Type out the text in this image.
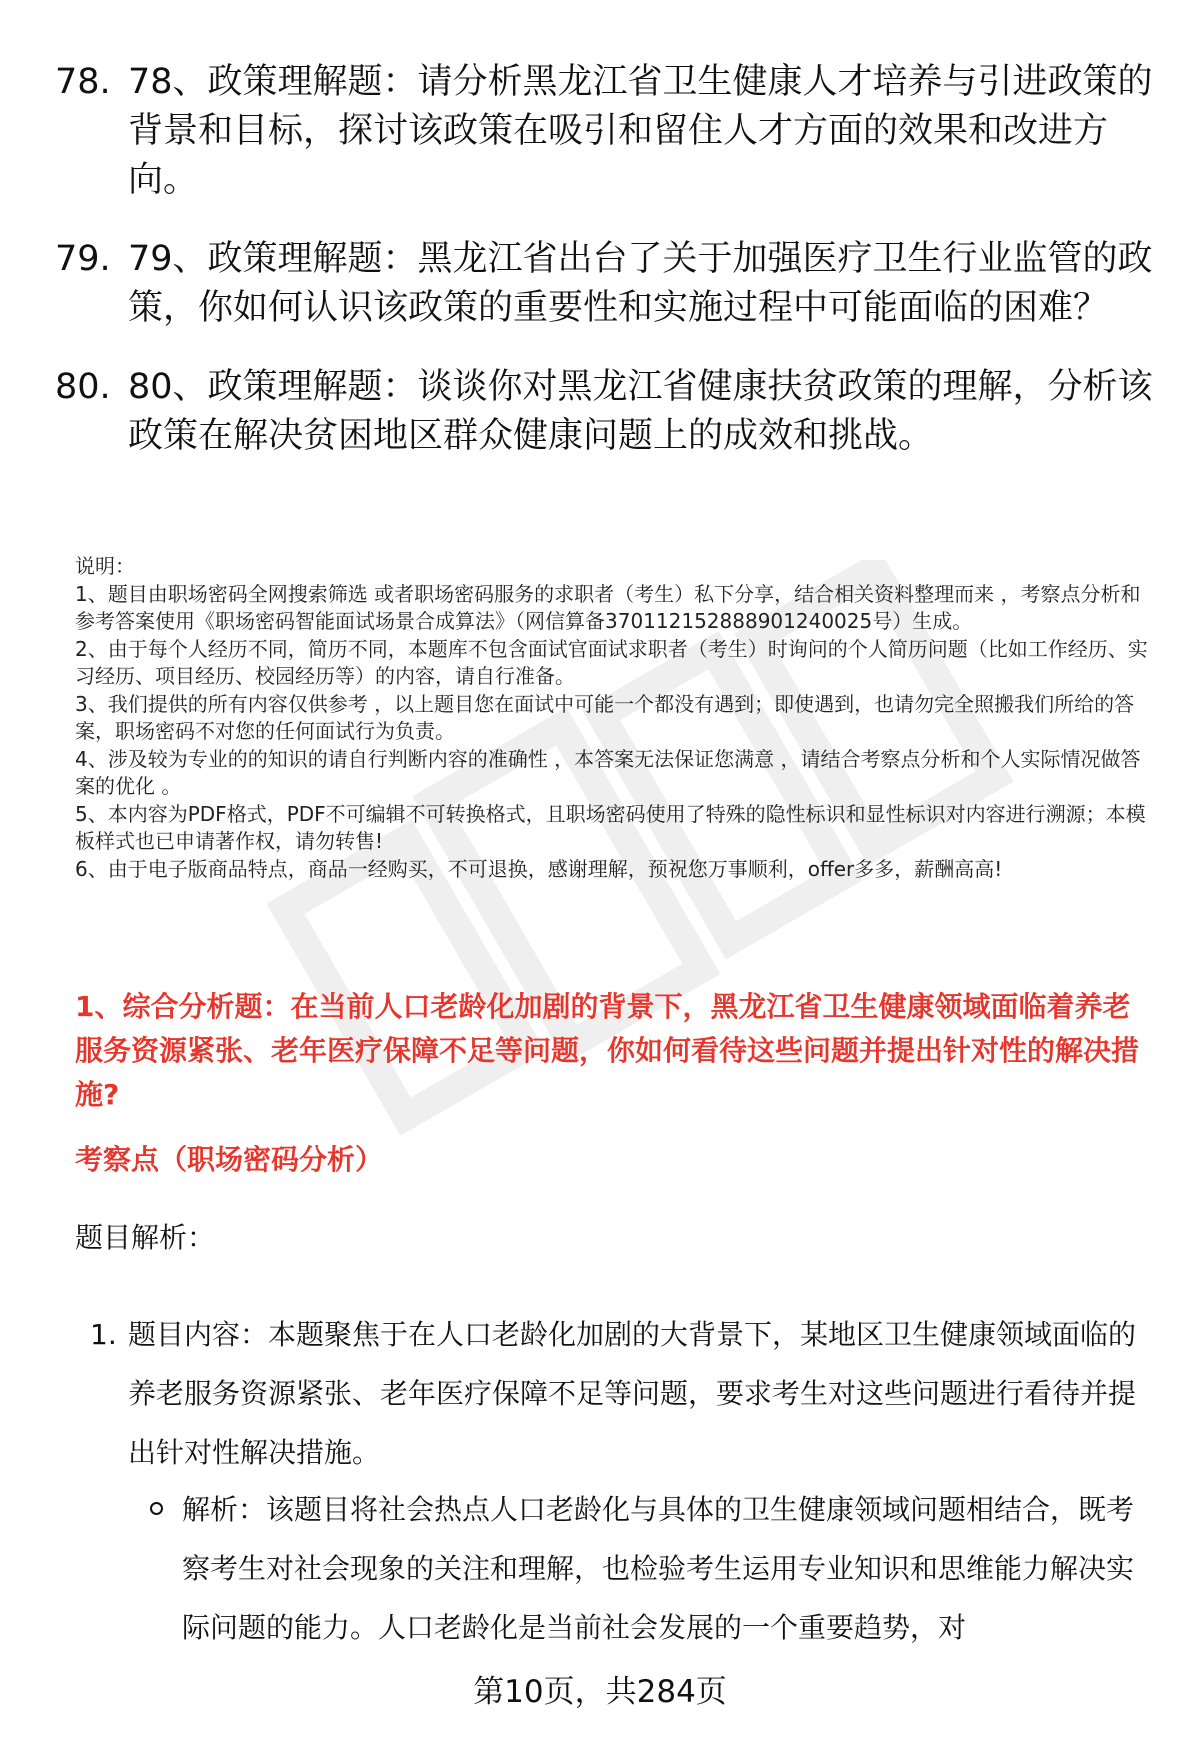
78. 78、政策理解题：请分析黑龙江省卫生健康人才培养与引进政策的背景和目标，探讨该政策在吸引和留住人才方面的效果和改进方向。
79. 79、政策理解题：黑龙江省出台了关于加强医疗卫生行业监管的政策，你如何认识该政策的重要性和实施过程中可能面临的困难？
80. 80、政策理解题：谈谈你对黑龙江省健康扶贫政策的理解，分析该政策在解决贫困地区群众健康问题上的成效和挑战。

说明：

1、题目由职场密码全网搜索筛选 或者职场密码服务的求职者（考生）私下分享，结合相关资料整理而来 ，考察点分析和参考答案使用《职场密码智能面试场景合成算法》（网信算备370112152888901240025号）生成。

2、由于每个人经历不同，简历不同，本题库不包含面试官面试求职者（考生）时询问的个人简历问题（比如工作经历、实习经历、项目经历、校园经历等）的内容，请自行准备。

3、我们提供的所有内容仅供参考 ，以上题目您在面试中可能一个都没有遇到；即使遇到，也请勿完全照搬我们所给的答案，职场密码不对您的任何面试行为负责。

4、涉及较为专业的的知识的请自行判断内容的准确性 ，本答案无法保证您满意 ，请结合考察点分析和个人实际情况做答案的优化 。

5、本内容为PDF格式，PDF不可编辑不可转换格式，且职场密码使用了特殊的隐性标识和显性标识对内容进行溯源；本模板样式也已申请著作权，请勿转售!

6、由于电子版商品特点，商品一经购买，不可退换，感谢理解，预祝您万事顺利，offer多多，薪酬高高!

1、综合分析题：在当前人口老龄化加剧的背景下，黑龙江省卫生健康领域面临着养老服务资源紧张、老年医疗保障不足等问题，你如何看待这些问题并提出针对性的解决措施?

考察点（职场密码分析）

题目解析：

1. 题目内容：本题聚焦于在人口老龄化加剧的大背景下，某地区卫生健康领域面临的养老服务资源紧张、老年医疗保障不足等问题，要求考生对这些问题进行看待并提出针对性解决措施。
解析：该题目将社会热点人口老龄化与具体的卫生健康领域问题相结合，既考察考生对社会现象的关注和理解，也检验考生运用专业知识和思维能力解决实际问题的能力。人口老龄化是当前社会发展的一个重要趋势，对
第10页，共284页
